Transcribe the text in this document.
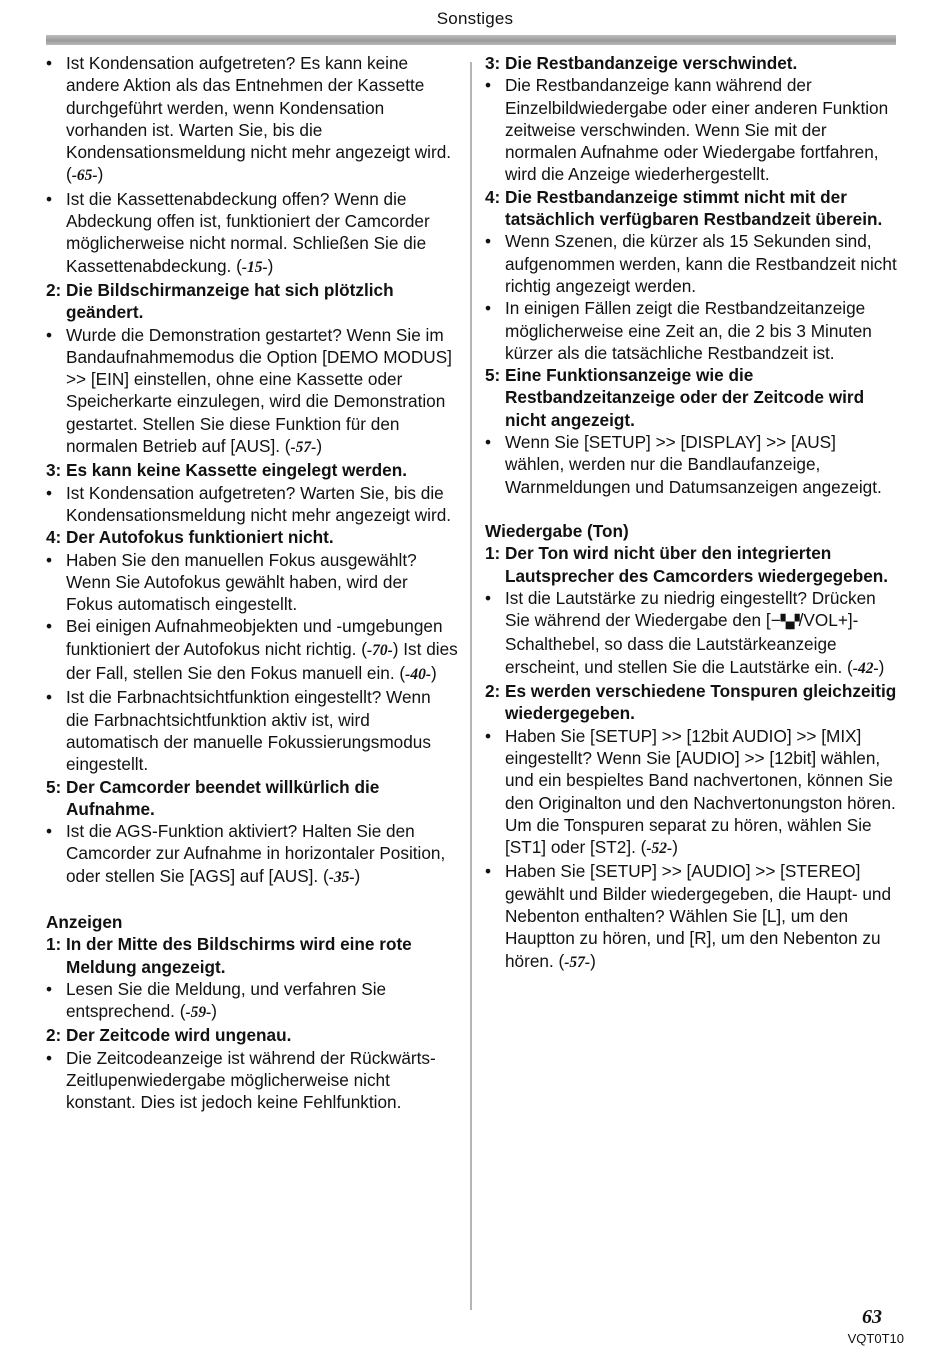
Sonstiges
• Ist Kondensation aufgetreten? Es kann keine andere Aktion als das Entnehmen der Kassette durchgeführt werden, wenn Kondensation vorhanden ist. Warten Sie, bis die Kondensationsmeldung nicht mehr angezeigt wird. (-65-)
• Ist die Kassettenabdeckung offen? Wenn die Abdeckung offen ist, funktioniert der Camcorder möglicherweise nicht normal. Schließen Sie die Kassettenabdeckung. (-15-)
2: Die Bildschirmanzeige hat sich plötzlich geändert.
• Wurde die Demonstration gestartet? Wenn Sie im Bandaufnahmemodus die Option [DEMO MODUS] >> [EIN] einstellen, ohne eine Kassette oder Speicherkarte einzulegen, wird die Demonstration gestartet. Stellen Sie diese Funktion für den normalen Betrieb auf [AUS]. (-57-)
3: Es kann keine Kassette eingelegt werden.
• Ist Kondensation aufgetreten? Warten Sie, bis die Kondensationsmeldung nicht mehr angezeigt wird.
4: Der Autofokus funktioniert nicht.
• Haben Sie den manuellen Fokus ausgewählt? Wenn Sie Autofokus gewählt haben, wird der Fokus automatisch eingestellt.
• Bei einigen Aufnahmeobjekten und -umgebungen funktioniert der Autofokus nicht richtig. (-70-) Ist dies der Fall, stellen Sie den Fokus manuell ein. (-40-)
• Ist die Farbnachtsichtfunktion eingestellt? Wenn die Farbnachtsichtfunktion aktiv ist, wird automatisch der manuelle Fokussierungsmodus eingestellt.
5: Der Camcorder beendet willkürlich die Aufnahme.
• Ist die AGS-Funktion aktiviert? Halten Sie den Camcorder zur Aufnahme in horizontaler Position, oder stellen Sie [AGS] auf [AUS]. (-35-)
Anzeigen
1: In der Mitte des Bildschirms wird eine rote Meldung angezeigt.
• Lesen Sie die Meldung, und verfahren Sie entsprechend. (-59-)
2: Der Zeitcode wird ungenau.
• Die Zeitcodeanzeige ist während der Rückwärts-Zeitlupenwiedergabe möglicherweise nicht konstant. Dies ist jedoch keine Fehlfunktion.
3: Die Restbandanzeige verschwindet.
• Die Restbandanzeige kann während der Einzelbildwiedergabe oder einer anderen Funktion zeitweise verschwinden. Wenn Sie mit der normalen Aufnahme oder Wiedergabe fortfahren, wird die Anzeige wiederhergestellt.
4: Die Restbandanzeige stimmt nicht mit der tatsächlich verfügbaren Restbandzeit überein.
• Wenn Szenen, die kürzer als 15 Sekunden sind, aufgenommen werden, kann die Restbandzeit nicht richtig angezeigt werden.
• In einigen Fällen zeigt die Restbandzeitanzeige möglicherweise eine Zeit an, die 2 bis 3 Minuten kürzer als die tatsächliche Restbandzeit ist.
5: Eine Funktionsanzeige wie die Restbandzeitanzeige oder der Zeitcode wird nicht angezeigt.
• Wenn Sie [SETUP] >> [DISPLAY] >> [AUS] wählen, werden nur die Bandlaufanzeige, Warnmeldungen und Datumsanzeigen angezeigt.
Wiedergabe (Ton)
1: Der Ton wird nicht über den integrierten Lautsprecher des Camcorders wiedergegeben.
• Ist die Lautstärke zu niedrig eingestellt? Drücken Sie während der Wiedergabe den [−▚▞/VOL+]-Schalthebel, so dass die Lautstärkeanzeige erscheint, und stellen Sie die Lautstärke ein. (-42-)
2: Es werden verschiedene Tonspuren gleichzeitig wiedergegeben.
• Haben Sie [SETUP] >> [12bit AUDIO] >> [MIX] eingestellt? Wenn Sie [AUDIO] >> [12bit] wählen, und ein bespieltes Band nachvertonen, können Sie den Originalton und den Nachvertonungston hören. Um die Tonspuren separat zu hören, wählen Sie [ST1] oder [ST2]. (-52-)
• Haben Sie [SETUP] >> [AUDIO] >> [STEREO] gewählt und Bilder wiedergegeben, die Haupt- und Nebenton enthalten? Wählen Sie [L], um den Hauptton zu hören, und [R], um den Nebenton zu hören. (-57-)
63
VQT0T10
